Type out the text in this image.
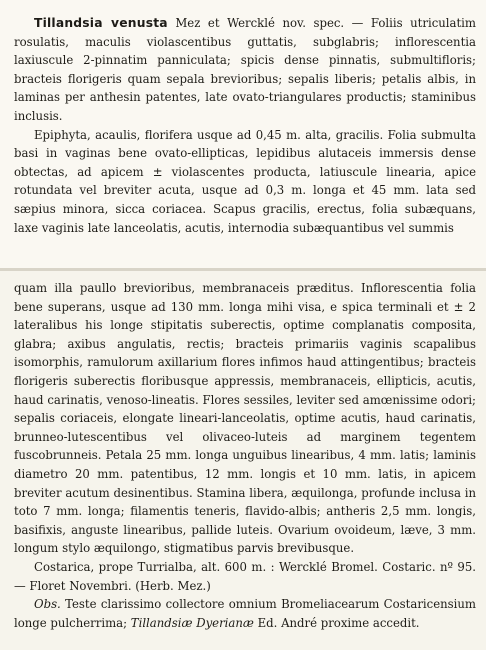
Tillandsia venusta Mez et Wercklé nov. spec. — Foliis utriculatim rosulatis, maculis violascentibus guttatis, subglabris; inflorescentia laxiuscule 2-pinnatim panniculata; spicis dense pinnatis, submultifloris; bracteis florigeris quam sepala brevioribus; sepalis liberis; petalis albis, in laminas per anthesin patentes, late ovato-triangulares productis; staminibus inclusis.

Epiphyta, acaulis, florifera usque ad 0,45 m. alta, gracilis. Folia submulta basi in vaginas bene ovato-ellipticas, lepidibus alutaceis immersis dense obtectas, ad apicem ± violascentes producta, latiuscule linearia, apice rotundata vel breviter acuta, usque ad 0,3 m. longa et 45 mm. lata sed sæpius minora, sicca coriacea. Scapus gracilis, erectus, folia subæquans, laxe vaginis late lanceolatis, acutis, internodia subæquantibus vel summis

quam illa paullo brevioribus, membranaceis præditus. Inflorescentia folia bene superans, usque ad 130 mm. longa mihi visa, e spica terminali et ± 2 lateralibus his longe stipitatis suberectis, optime complanatis composita, glabra; axibus angulatis, rectis; bracteis primariis vaginis scapalibus isomorphis, ramulorum axillarium flores infimos haud attingentibus; bracteis florigeris suberectis floribusque appressis, membranaceis, ellipticis, acutis, haud carinatis, venoso-lineatis. Flores sessiles, leviter sed amœnissime odori; sepalis coriaceis, elongate lineari-lanceolatis, optime acutis, haud carinatis, brunneo-lutescentibus vel olivaceo-luteis ad marginem tegentem fuscobrunneis. Petala 25 mm. longa unguibus linearibus, 4 mm. latis; laminis diametro 20 mm. patentibus, 12 mm. longis et 10 mm. latis, in apicem breviter acutum desinentibus. Stamina libera, æquilonga, profunde inclusa in toto 7 mm. longa; filamentis teneris, flavido-albis; antheris 2,5 mm. longis, basifixis, anguste linearibus, pallide luteis. Ovarium ovoideum, læve, 3 mm. longum stylo æquilongo, stigmatibus parvis brevibusque.

Costarica, prope Turrialba, alt. 600 m. : Wercklé Bromel. Costaric. nº 95. — Floret Novembri. (Herb. Mez.)

Obs. Teste clarissimo collectore omnium Bromeliacearum Costaricensium longe pulcherrima; Tillandsiæ Dyerianæ Ed. André proxime accedit.
